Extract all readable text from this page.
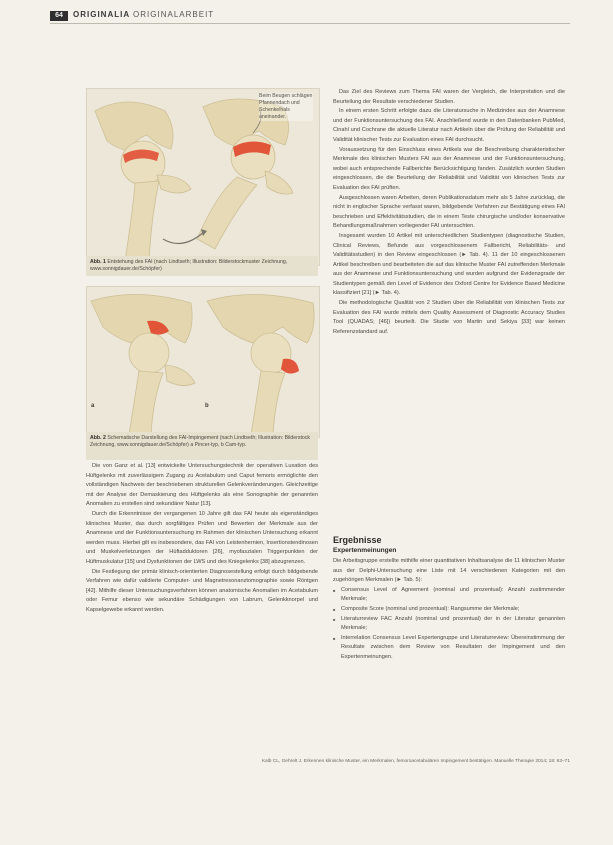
64	ORIGINALIA ORIGINALARBEIT
Beim Beugen schlägen Pfannendach und Schenkelhals aneinander.
Abb. 1 Entstehung des FAI (nach Lindtseth; Illustration: Bilderstockmuster Zeichnung, www.sonnigdauer.de/Schöpfer)
a	b
Abb. 2 Schematische Darstellung des FAI-Impingement (nach Lindtseth; Illustration: Bilderstock Zeichnung, www.sonnigdauer.de/Schöpfer) a Pincer-typ, b Cam-typ.

Die von Ganz et al. [13] entwickelte Untersuchungstechnik der operativen Luxation des Hüftgelenks mit zuverlässigem Zugang zu Acetabulum und Caput femoris ermöglichte den vollständigen Nachweis der beschriebenen strukturellen Gelenkveränderungen. Gleichzeitige mit der Analyse der Demaskierung des Hüftgelenks als eine Sonographie der genannten Anomalien zu erstellen sind sekundärer Natur [13].

Durch die Erkenntnisse der vergangenen 10 Jahre gilt das FAI heute als eigenständiges klinisches Muster, das durch sorgfältiges Prüfen und Bewerten der Merkmale aus der Anamnese und der Funktionsuntersuchung im Rahmen der klinischen Untersuchung erkannt werden muss. Hierbei gilt es insbesondere, das FAI von Leistenhernien, Insertionstendinosen und Muskelverletzungen der Hüftadduktoren [26], myofaszialen Triggerpunkten der Hüftmuskulatur [15] und Dysfunktionen der LWS und des Kniegelenks [38] abzugrenzen.

Die Festlegung der primär klinisch-orientierten Diagnosestellung erfolgt durch bildgebende Verfahren wie dafür validierte Computer- und Magnetresonanztomographie sowie Röntgen [42]. Mithilfe dieser Untersuchungsverfahren können anatomische Anomalien im Acetabulum oder Femur ebenso wie sekundäre Schädigungen von Labrum, Gelenkknorpel und Kapselgewebe erkannt werden.

Das Ziel des Reviews zum Thema FAI waren der Vergleich, die Interpretation und die Beurteilung der Resultate verschiedener Studien.

In einem ersten Schritt erfolgte dazu die Literatursuche in Medizindex aus der Anamnese und der Funktionsuntersuchung des FAI. Anschließend wurde in den Datenbanken PubMed, Cinahl und Cochrane die aktuelle Literatur nach Artikeln über die Prüfung der Reliabilität und Validität klinischer Tests zur Evaluation eines FAI durchsucht.

Voraussetzung für den Einschluss eines Artikels war die Beschreibung charakteristischer Merkmale des klinischen Musters FAI aus der Anamnese und der Funktionsuntersuchung, wobei auch entsprechende Fallberichte Berücksichtigung fanden. Zusätzlich wurden Studien eingeschlossen, die die Beurteilung der Reliabilität und Validität von klinischen Tests zur Evaluation des FAI prüften.

Ausgeschlossen waren Arbeiten, deren Publikationsdatum mehr als 5 Jahre zurücklag, die nicht in englischer Sprache verfasst waren, bildgebende Verfahren zur Bestätigung eines FAI beschrieben und Effektivitätsstudien, die in einem Teste chirurgische und/oder konservative Behandlungsmaßnahmen vorliegender FAI untersuchten.

Insgesamt wurden 10 Artikel mit unterschiedlichen Studientypen (diagnostische Studien, Clinical Reviews, Befunde aus vorgeschlossenem Fallbericht, Reliabilitäts- und Validitätsstudien) in den Review eingeschlossen (► Tab. 4). 11 der 10 eingeschlossenen Artikel beschreiben und bearbeiteten die auf das klinische Muster FAI zutreffenden Merkmale aus der Anamnese und Funktionsuntersuchung und wurden aufgrund der Evidenzgrade der Studientypen gemäß den Level of Evidence des Oxford Centre for Evidence Based Medicine klassifiziert [21] (► Tab. 4).

Die methodologische Qualität von 2 Studien über die Reliabilität von klinischen Tests zur Evaluation des FAI wurde mittels dem Quality Assessment of Diagnostic Accuracy Studies Tool (QUADAS; [46]) beurteilt. Die Studie von Martin und Sekiya [33] war keinen Referenzstandard auf.

Ergebnisse
Expertenmeinungen

Die Arbeitsgruppe erstellte mithilfe einer quantitativen Inhaltsanalyse die 11 klinischen Muster aus der Delphi-Untersuchung eine Liste mit 14 verschiedenen Kategorien mit den zugehörigen Merkmalen (► Tab. 5):

■ Consensus Level of Agreement (nominal und prozentual): Anzahl zustimmender Merkmale;
■ Composite Score (nominal und prozentual): Rangsumme der Merkmale;
■ Literaturreview FAC Anzahl (nominal und prozentual) der in der Literatur genannten Merkmale;
■ Interrelation Consensus Level Expertengruppe und Literaturreview: Übereinstimmung der Resultate zwischen dem Review von Resultaten der Impingement und den Expertenmeinungen.
Kalb CL, Gehrelt J. Erkennen klinische Muster, ein Merkmalen, femoroacetabulären Impingement bestätigen. Manuelle Therapie 2014; 18: 63–71
